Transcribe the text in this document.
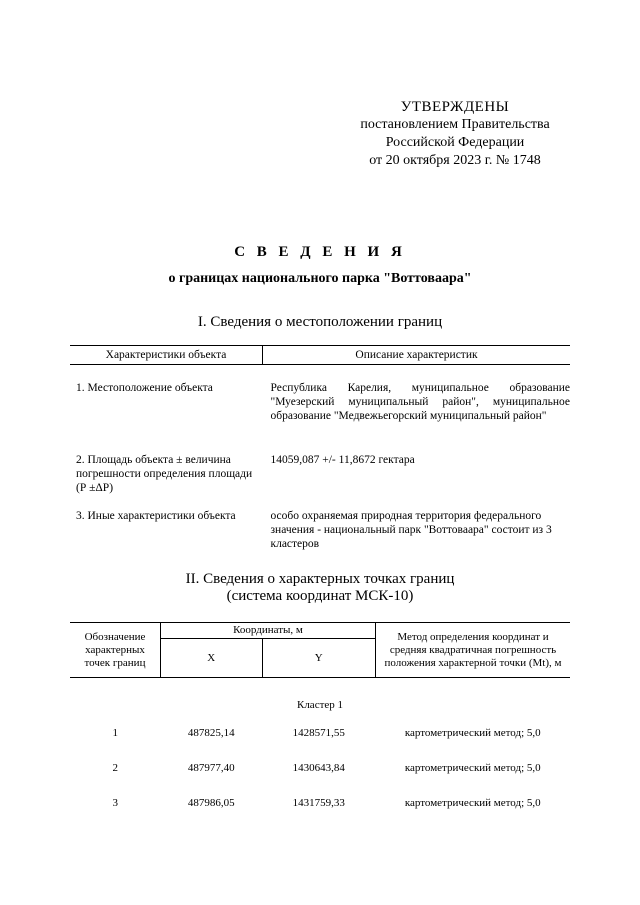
УТВЕРЖДЕНЫ
постановлением Правительства
Российской Федерации
от 20 октября 2023 г. № 1748
С В Е Д Е Н И Я
о границах национального парка "Воттоваара"
I. Сведения о местоположении границ
Характеристики объекта	Описание характеристик
1. Местоположение объекта	Республика Карелия, муниципальное образование "Муезерский муниципальный район", муниципальное образование "Медвежьегорский муниципальный район"
2. Площадь объекта ± величина погрешности определения площади (Р ±ΔР)	14059,087 +/- 11,8672 гектара
3. Иные характеристики объекта	особо охраняемая природная территория федерального значения - национальный парк "Воттоваара" состоит из 3 кластеров
II. Сведения о характерных точках границ
(система координат МСК-10)
Обозначение характерных точек границ	Координаты, м		Метод определения координат и средняя квадратичная погрешность положения характерной точки (Mt), м
	X	Y	
Кластер 1			
1	487825,14	1428571,55	картометрический метод; 5,0
2	487977,40	1430643,84	картометрический метод; 5,0
3	487986,05	1431759,33	картометрический метод; 5,0
